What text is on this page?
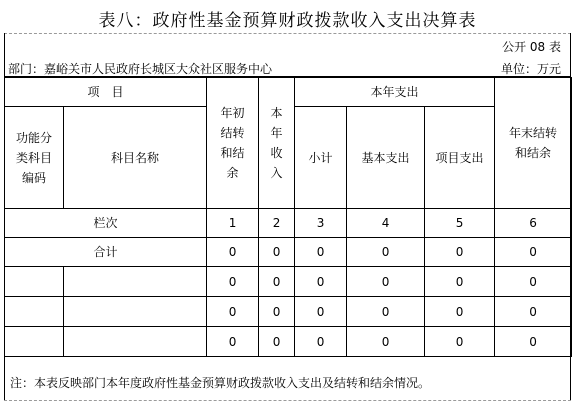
表八：政府性基金预算财政拨款收入支出决算表
公开 08 表
部门：嘉峪关市人民政府长城区大众社区服务中心	单位：万元
项　目		年初结转和结余	本年收入	本年支出			年末结转和结余

功能分类科目编码	科目名称			小计	基本支出	项目支出	
栏次		1	2	3	4	5	6
合计		0	0	0	0	0	0
		0	0	0	0	0	0
		0	0	0	0	0	0
		0	0	0	0	0	0
注：本表反映部门本年度政府性基金预算财政拨款收入支出及结转和结余情况。
